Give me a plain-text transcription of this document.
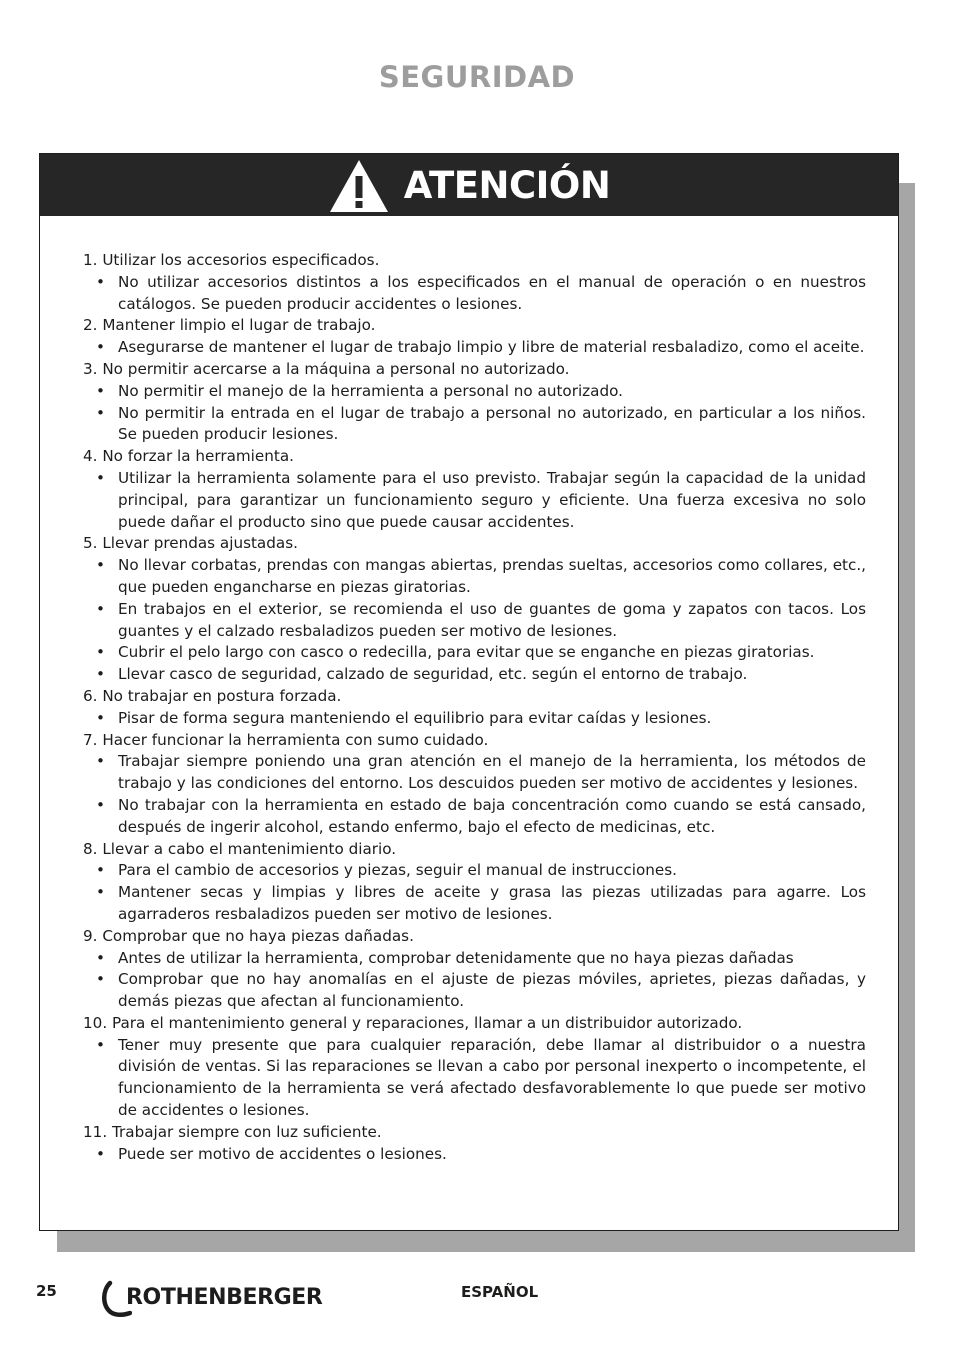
SEGURIDAD
ATENCIÓN
1. Utilizar los accesorios especificados.
• No utilizar accesorios distintos a los especificados en el manual de operación o en nuestros catálogos. Se pueden producir accidentes o lesiones.
2. Mantener limpio el lugar de trabajo.
• Asegurarse de mantener el lugar de trabajo limpio y libre de material resbaladizo, como el aceite.
3. No permitir acercarse a la máquina a personal no autorizado.
• No permitir el manejo de la herramienta a personal no autorizado.
• No permitir la entrada en el lugar de trabajo a personal no autorizado, en particular a los niños. Se pueden producir lesiones.
4. No forzar la herramienta.
• Utilizar la herramienta solamente para el uso previsto. Trabajar según la capacidad de la unidad principal, para garantizar un funcionamiento seguro y eficiente. Una fuerza excesiva no solo puede dañar el producto sino que puede causar accidentes.
5. Llevar prendas ajustadas.
• No llevar corbatas, prendas con mangas abiertas, prendas sueltas, accesorios como collares, etc., que pueden engancharse en piezas giratorias.
• En trabajos en el exterior, se recomienda el uso de guantes de goma y zapatos con tacos. Los guantes y el calzado resbaladizos pueden ser motivo de lesiones.
• Cubrir el pelo largo con casco o redecilla, para evitar que se enganche en piezas giratorias.
• Llevar casco de seguridad, calzado de seguridad, etc. según el entorno de trabajo.
6. No trabajar en postura forzada.
• Pisar de forma segura manteniendo el equilibrio para evitar caídas y lesiones.
7. Hacer funcionar la herramienta con sumo cuidado.
• Trabajar siempre poniendo una gran atención en el manejo de la herramienta, los métodos de trabajo y las condiciones del entorno. Los descuidos pueden ser motivo de accidentes y lesiones.
• No trabajar con la herramienta en estado de baja concentración como cuando se está cansado, después de ingerir alcohol, estando enfermo, bajo el efecto de medicinas, etc.
8. Llevar a cabo el mantenimiento diario.
• Para el cambio de accesorios y piezas, seguir el manual de instrucciones.
• Mantener secas y limpias y libres de aceite y grasa las piezas utilizadas para agarre. Los agarraderos resbaladizos pueden ser motivo de lesiones.
9. Comprobar que no haya piezas dañadas.
• Antes de utilizar la herramienta, comprobar detenidamente que no haya piezas dañadas
• Comprobar que no hay anomalías en el ajuste de piezas móviles, aprietes, piezas dañadas, y demás piezas que afectan al funcionamiento.
10. Para el mantenimiento general y reparaciones, llamar a un distribuidor autorizado.
• Tener muy presente que para cualquier reparación, debe llamar al distribuidor o a nuestra división de ventas. Si las reparaciones se llevan a cabo por personal inexperto o incompetente, el funcionamiento de la herramienta se verá afectado desfavorablemente lo que puede ser motivo de accidentes o lesiones.
11. Trabajar siempre con luz suficiente.
• Puede ser motivo de accidentes o lesiones.
25	ROTHENBERGER	ESPAÑOL
